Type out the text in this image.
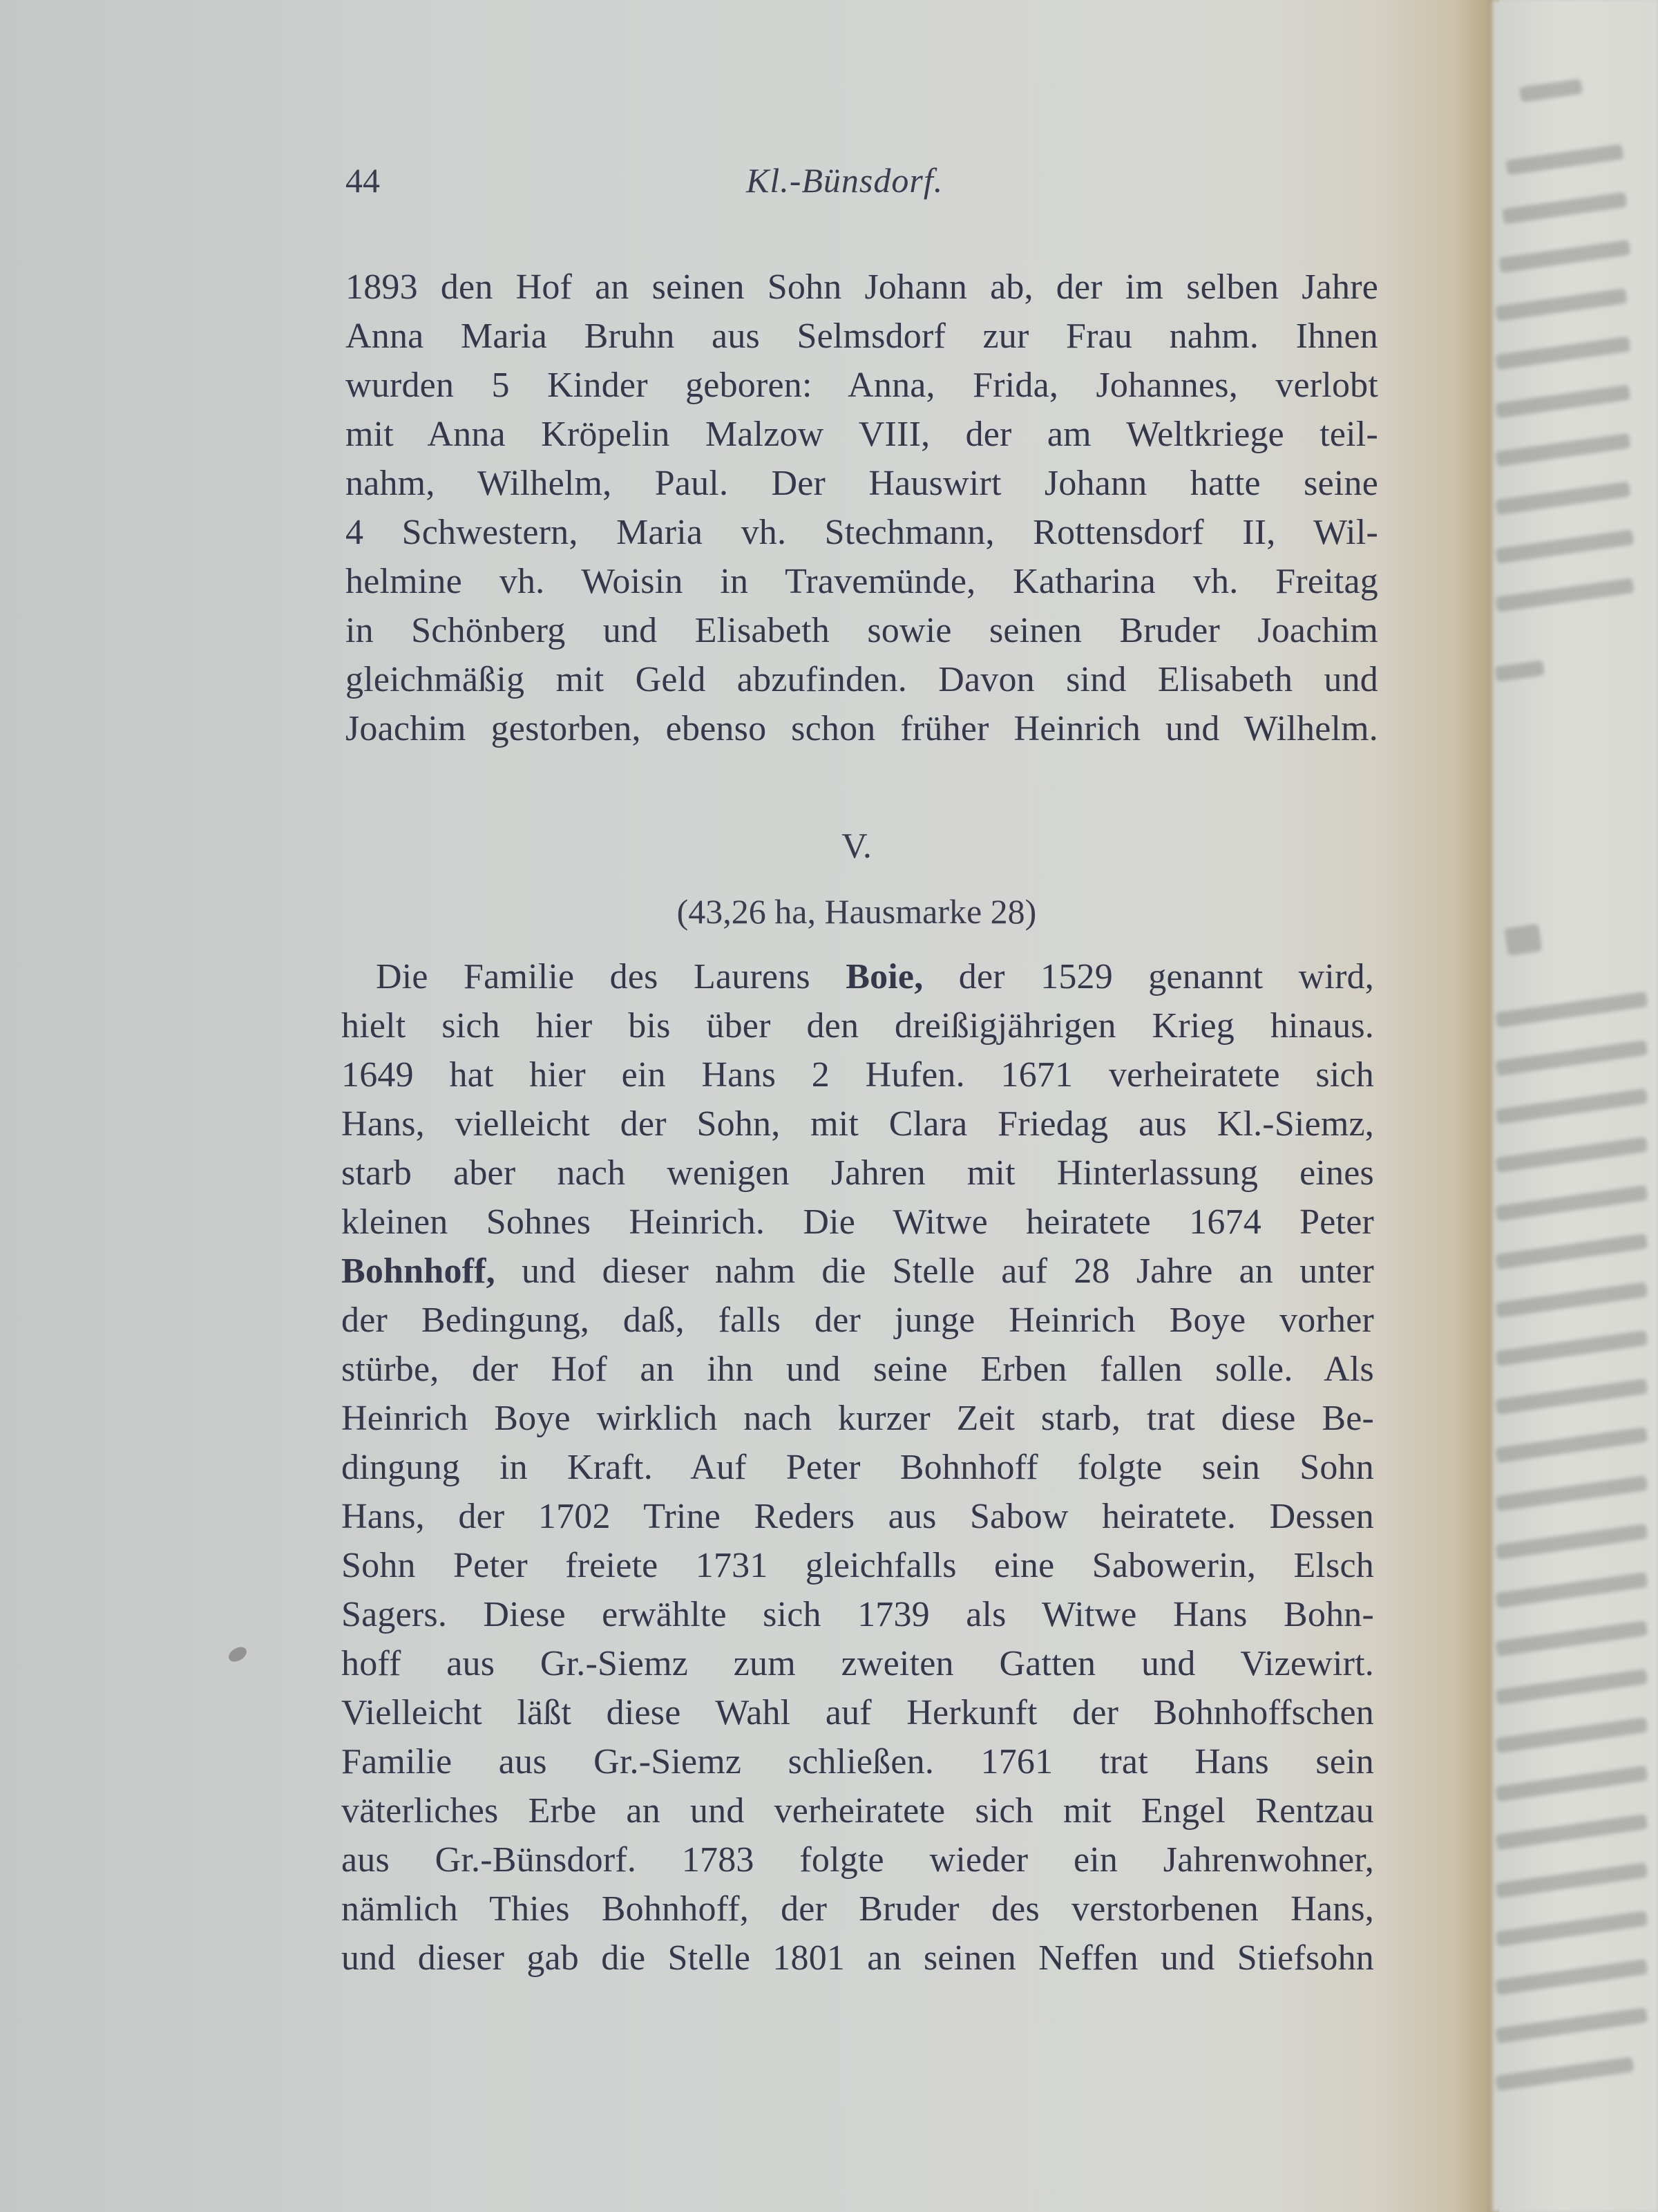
44	Kl.-Bünsdorf.
1893 den Hof an seinen Sohn Johann ab, der im selben Jahre
Anna Maria Bruhn aus Selmsdorf zur Frau nahm. Ihnen
wurden 5 Kinder geboren: Anna, Frida, Johannes, verlobt
mit Anna Kröpelin Malzow VIII, der am Weltkriege teil-
nahm, Wilhelm, Paul. Der Hauswirt Johann hatte seine
4 Schwestern, Maria vh. Stechmann, Rottensdorf II, Wil-
helmine vh. Woisin in Travemünde, Katharina vh. Freitag
in Schönberg und Elisabeth sowie seinen Bruder Joachim
gleichmäßig mit Geld abzufinden. Davon sind Elisabeth und
Joachim gestorben, ebenso schon früher Heinrich und Wilhelm.
V.
(43,26 ha, Hausmarke 28)
Die Familie des Laurens Boie, der 1529 genannt wird,
hielt sich hier bis über den dreißigjährigen Krieg hinaus.
1649 hat hier ein Hans 2 Hufen. 1671 verheiratete sich
Hans, vielleicht der Sohn, mit Clara Friedag aus Kl.-Siemz,
starb aber nach wenigen Jahren mit Hinterlassung eines
kleinen Sohnes Heinrich. Die Witwe heiratete 1674 Peter
Bohnhoff, und dieser nahm die Stelle auf 28 Jahre an unter
der Bedingung, daß, falls der junge Heinrich Boye vorher
stürbe, der Hof an ihn und seine Erben fallen solle. Als
Heinrich Boye wirklich nach kurzer Zeit starb, trat diese Be-
dingung in Kraft. Auf Peter Bohnhoff folgte sein Sohn
Hans, der 1702 Trine Reders aus Sabow heiratete. Dessen
Sohn Peter freiete 1731 gleichfalls eine Sabowerin, Elsch
Sagers. Diese erwählte sich 1739 als Witwe Hans Bohn-
hoff aus Gr.-Siemz zum zweiten Gatten und Vizewirt.
Vielleicht läßt diese Wahl auf Herkunft der Bohnhoffschen
Familie aus Gr.-Siemz schließen. 1761 trat Hans sein
väterliches Erbe an und verheiratete sich mit Engel Rentzau
aus Gr.-Bünsdorf. 1783 folgte wieder ein Jahrenwohner,
nämlich Thies Bohnhoff, der Bruder des verstorbenen Hans,
und dieser gab die Stelle 1801 an seinen Neffen und Stiefsohn
